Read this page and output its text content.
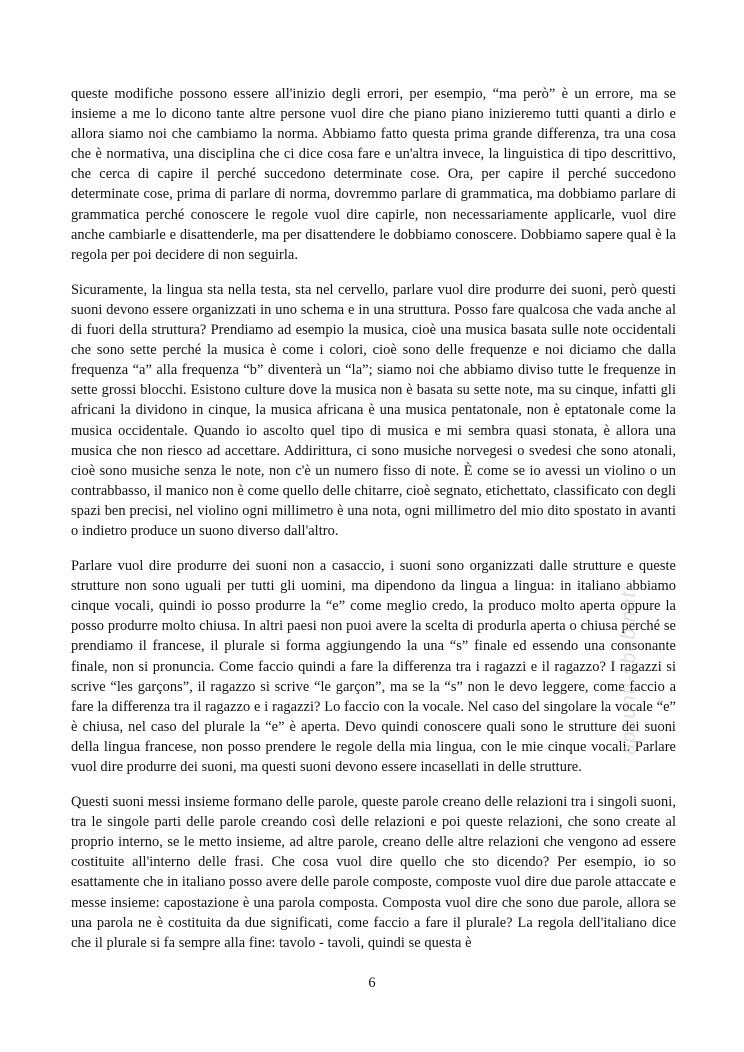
queste modifiche possono essere all'inizio degli errori, per esempio, “ma però” è un errore, ma se insieme a me lo dicono tante altre persone vuol dire che piano piano inizieremo tutti quanti a dirlo e allora siamo noi che cambiamo la norma. Abbiamo fatto questa prima grande differenza, tra una cosa che è normativa, una disciplina che ci dice cosa fare e un'altra invece, la linguistica di tipo descrittivo, che cerca di capire il perché succedono determinate cose. Ora, per capire il perché succedono determinate cose, prima di parlare di norma, dovremmo parlare di grammatica, ma dobbiamo parlare di grammatica perché conoscere le regole vuol dire capirle, non necessariamente applicarle, vuol dire anche cambiarle e disattenderle, ma per disattendere le dobbiamo conoscere. Dobbiamo sapere qual è la regola per poi decidere di non seguirla.

Sicuramente, la lingua sta nella testa, sta nel cervello, parlare vuol dire produrre dei suoni, però questi suoni devono essere organizzati in uno schema e in una struttura. Posso fare qualcosa che vada anche al di fuori della struttura? Prendiamo ad esempio la musica, cioè una musica basata sulle note occidentali che sono sette perché la musica è come i colori, cioè sono delle frequenze e noi diciamo che dalla frequenza “a” alla frequenza “b” diventerà un “la”; siamo noi che abbiamo diviso tutte le frequenze in sette grossi blocchi. Esistono culture dove la musica non è basata su sette note, ma su cinque, infatti gli africani la dividono in cinque, la musica africana è una musica pentatonale, non è eptatonale come la musica occidentale. Quando io ascolto quel tipo di musica e mi sembra quasi stonata, è allora una musica che non riesco ad accettare. Addirittura, ci sono musiche norvegesi o svedesi che sono atonali, cioè sono musiche senza le note, non c'è un numero fisso di note. È come se io avessi un violino o un contrabbasso, il manico non è come quello delle chitarre, cioè segnato, etichettato, classificato con degli spazi ben precisi, nel violino ogni millimetro è una nota, ogni millimetro del mio dito spostato in avanti o indietro produce un suono diverso dall'altro.

Parlare vuol dire produrre dei suoni non a casaccio, i suoni sono organizzati dalle strutture e queste strutture non sono uguali per tutti gli uomini, ma dipendono da lingua a lingua: in italiano abbiamo cinque vocali, quindi io posso produrre la “e” come meglio credo, la produco molto aperta oppure la posso produrre molto chiusa. In altri paesi non puoi avere la scelta di produrla aperta o chiusa perché se prendiamo il francese, il plurale si forma aggiungendo la una “s” finale ed essendo una consonante finale, non si pronuncia. Come faccio quindi a fare la differenza tra i ragazzi e il ragazzo? I ragazzi si scrive “les garçons”, il ragazzo si scrive “le garçon”, ma se la “s” non le devo leggere, come faccio a fare la differenza tra il ragazzo e i ragazzi? Lo faccio con la vocale. Nel caso del singolare la vocale “e” è chiusa, nel caso del plurale la “e” è aperta. Devo quindi conoscere quali sono le strutture dei suoni della lingua francese, non posso prendere le regole della mia lingua, con le mie cinque vocali. Parlare vuol dire produrre dei suoni, ma questi suoni devono essere incasellati in delle strutture.

Questi suoni messi insieme formano delle parole, queste parole creano delle relazioni tra i singoli suoni, tra le singole parti delle parole creando così delle relazioni e poi queste relazioni, che sono create al proprio interno, se le metto insieme, ad altre parole, creano delle altre relazioni che vengono ad essere costituite all'interno delle frasi. Che cosa vuol dire quello che sto dicendo? Per esempio, io so esattamente che in italiano posso avere delle parole composte, composte vuol dire due parole attaccate e messe insieme: capostazione è una parola composta. Composta vuol dire che sono due parole, allora se una parola ne è costituita da due significati, come faccio a fare il plurale? La regola dell'italiano dice che il plurale si fa sempre alla fine: tavolo - tavoli, quindi se questa è

appunti-sbobinati
6
